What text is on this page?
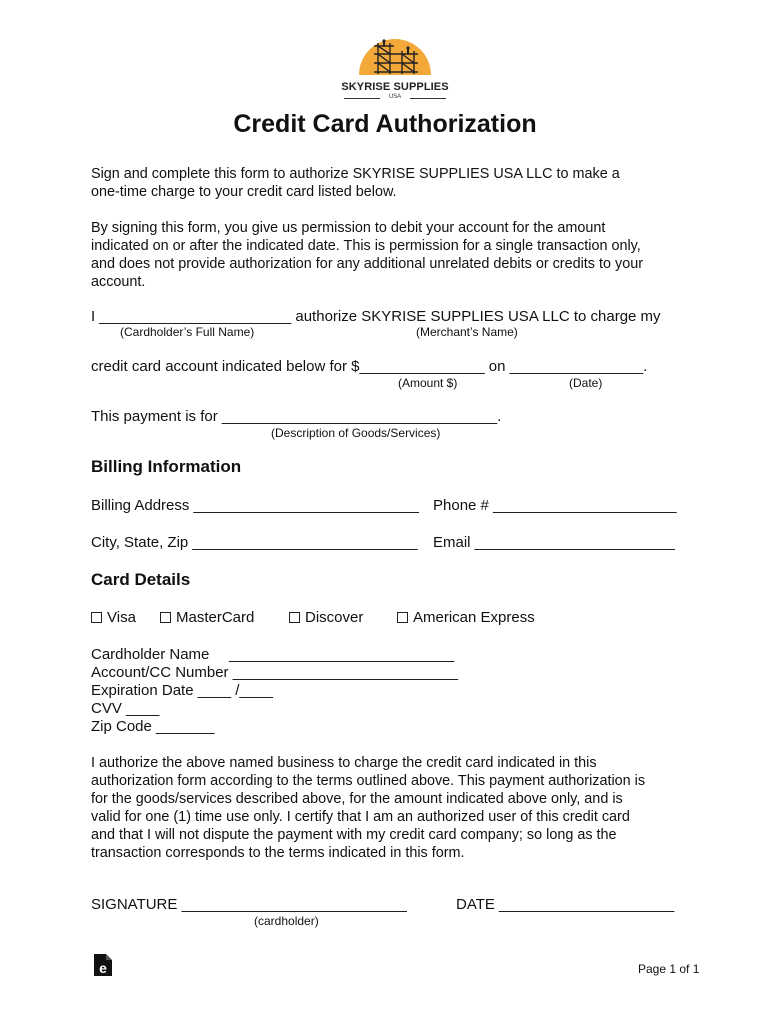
SKYRISE SUPPLIES
USA
Credit Card Authorization
Sign and complete this form to authorize SKYRISE SUPPLIES USA LLC to make a
one-time charge to your credit card listed below.
By signing this form, you give us permission to debit your account for the amount
indicated on or after the indicated date. This is permission for a single transaction only,
and does not provide authorization for any additional unrelated debits or credits to your
account.
I _______________________ authorize SKYRISE SUPPLIES USA LLC to charge my
(Cardholder’s Full Name)	(Merchant’s Name)
credit card account indicated below for $_______________ on ________________.
(Amount $)	(Date)
This payment is for _________________________________.
(Description of Goods/Services)
Billing Information
Billing Address ___________________________ Phone # ______________________
City, State, Zip ___________________________ Email ________________________
Card Details
Visa	MasterCard	Discover	American Express
Cardholder Name ___________________________
Account/CC Number ___________________________
Expiration Date ____ /____
CVV ____
Zip Code _______
I authorize the above named business to charge the credit card indicated in this
authorization form according to the terms outlined above. This payment authorization is
for the goods/services described above, for the amount indicated above only, and is
valid for one (1) time use only. I certify that I am an authorized user of this credit card
and that I will not dispute the payment with my credit card company; so long as the
transaction corresponds to the terms indicated in this form.
SIGNATURE ___________________________
(cardholder)
DATE _____________________
e	Page 1 of 1
